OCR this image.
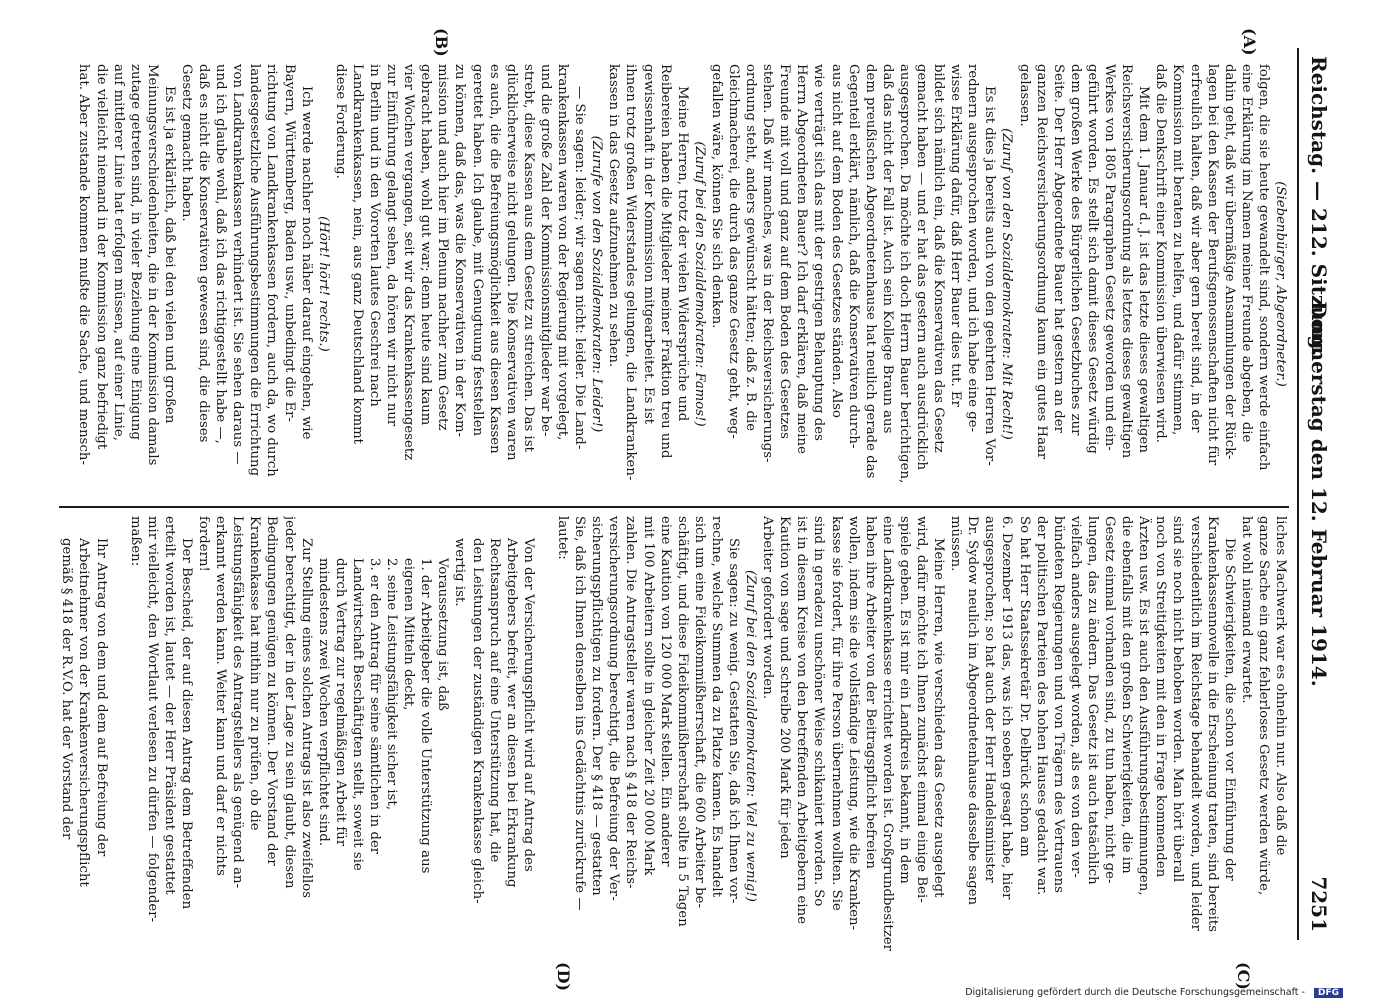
Reichstag. — 212. Sitzung.
Donnerstag den 12. Februar 1914.
7251
(A)
(B)
(C)
(D)
(Siebenbürger, Abgeordneter.)
folgen, die sie heute gewandelt sind, sondern werde einfach
eine Erklärung im Namen meiner Freunde abgeben, die
dahin geht, daß wir übermäßige Ansammlungen der Rück-
lagen bei den Kassen der Berufsgenossenschaften nicht für
erfreulich halten, daß wir aber gern bereit sind, in der
Kommission mit beraten zu helfen, und dafür stimmen,
daß die Denkschrift einer Kommission überwiesen wird.
Mit dem 1. Januar d. J. ist das letzte dieses gewaltigen
Reichsversicherungsordnung als letztes dieses gewaltigen
Werkes von 1805 Paragraphen Gesetz geworden und ein-
geführt worden. Es stellt sich damit dieses Gesetz würdig
dem großen Werke des Bürgerlichen Gesetzbuches zur
Seite. Der Herr Abgeordnete Bauer hat gestern an der
ganzen Reichsversicherungsordnung kaum ein gutes Haar
gelassen.
(Zuruf von den Sozialdemokraten: Mit Recht!)
Es ist dies ja bereits auch von den geehrten Herren Vor-
rednern ausgesprochen worden, und ich habe eine ge-
wisse Erklärung dafür, daß Herr Bauer dies tut. Er
bildet sich nämlich ein, daß die Konservativen das Gesetz
gemacht haben — und er hat das gestern auch ausdrücklich
ausgesprochen. Da möchte ich doch Herrn Bauer berichtigen,
daß das nicht der Fall ist. Auch sein Kollege Braun aus
dem preußischen Abgeordnetenhause hat neulich gerade das
Gegenteil erklärt, nämlich, daß die Konservativen durch-
aus nicht auf dem Boden des Gesetzes ständen. Also
wie verträgt sich das mit der gestrigen Behauptung des
Herrn Abgeordneten Bauer? Ich darf erklären, daß meine
Freunde mit voll und ganz auf dem Boden des Gesetzes
stehen. Daß wir manches, was in der Reichsversicherungs-
ordnung steht, anders gewünscht hätten; daß z. B. die
Gleichmacherei, die durch das ganze Gesetz geht, weg-
gefallen wäre, können Sie sich denken.
(Zuruf bei den Sozialdemokraten: Famos!)
Meine Herren, trotz der vielen Widersprüche und
Reibereien haben die Mitglieder meiner Fraktion treu und
gewissenhaft in der Kommission mitgearbeitet. Es ist
ihnen trotz großen Widerstandes gelungen, die Landkranken-
kassen in das Gesetz aufzunehmen zu sehen.
(Zurufe von den Sozialdemokraten: Leider!)
— Sie sagen: leider; wir sagen nicht: leider. Die Land-
krankenkassen waren von der Regierung mit vorgelegt,
und die große Zahl der Kommissionsmitglieder war be-
strebt, diese Kassen aus dem Gesetz zu streichen. Das ist
glücklicherweise nicht gelungen. Die Konservativen waren
es auch, die die Befreiungsmöglichkeit aus diesen Kassen
gerettet haben. Ich glaube, mit Genugtuung feststellen
zu können, daß das, was die Konservativen in der Kom-
mission und auch hier im Plenum nachher zum Gesetz
gebracht haben, wohl gut war; denn heute sind kaum
vier Wochen vergangen, seit wir das Krankenkassengesetz
zur Einführung gelangt sehen, da hören wir nicht nur
in Berlin und in den Vororten lautes Geschrei nach
Landkrankenkassen, nein, aus ganz Deutschland kommt
diese Forderung.
(Hört! hört! rechts.)
Ich werde nachher noch näher darauf eingehen, wie
Bayern, Württemberg, Baden usw., unbedingt die Er-
richtung von Landkrankenkassen fordern, auch da, wo durch
landesgesetzliche Ausführungsbestimmungen die Errichtung
von Landkrankenkassen verhindert ist. Sie sehen daraus —
und ich glaube wohl, daß ich das richtiggestellt habe —,
daß es nicht die Konservativen gewesen sind, die dieses
Gesetz gemacht haben.
Es ist ja erklärlich, daß bei den vielen und großen
Meinungsverschiedenheiten, die in der Kommission damals
zutage getreten sind, in vieler Beziehung eine Einigung
auf mittlerer Linie hat erfolgen müssen, auf einer Linie,
die vielleicht niemand in der Kommission ganz befriedigt
hat. Aber zustande kommen mußte die Sache, und mensch-
liches Machwerk war es ohnehin nur. Also daß die
ganze Sache ein ganz fehlerloses Gesetz werden würde,
hat wohl niemand erwartet.
Die Schwierigkeiten, die schon vor Einführung der
Krankenkassennovelle in die Erscheinung traten, sind bereits
verschiedentlich im Reichstage behandelt worden, und leider
sind sie noch nicht behoben worden. Man hört überall
noch von Streitigkeiten mit den in Frage kommenden
Ärzten usw. Es ist auch den Ausführungsbestimmungen,
die ebenfalls mit den großen Schwierigkeiten, die im
Gesetz einmal vorhanden sind, zu tun haben, nicht ge-
lungen, das zu ändern. Das Gesetz ist auch tatsächlich
vielfach anders ausgelegt worden, als es von den ver-
bündeten Regierungen und von Trägern des Vertrauens
der politischen Parteien des hohen Hauses gedacht war.
So hat Herr Staatssekretär Dr. Delbrück schon am
6. Dezember 1913 das, was ich soeben gesagt habe, hier
ausgesprochen; so hat auch der Herr Handelsminister
Dr. Sydow neulich im Abgeordnetenhause dasselbe sagen
müssen.
Meine Herren, wie verschieden das Gesetz ausgelegt
wird, dafür möchte ich Ihnen zunächst einmal einige Bei-
spiele geben. Es ist mir ein Landkreis bekannt, in dem
eine Landkrankenkasse errichtet worden ist. Großgrundbesitzer
haben ihre Arbeiter von der Beitragspflicht befreien
wollen, indem sie die vollständige Leistung, wie die Kranken-
kasse sie fordert, für ihre Person übernehmen wollten. Sie
sind in geradezu unschöner Weise schikaniert worden. So
ist in diesem Kreise von den betreffenden Arbeitgebern eine
Kaution von sage und schreibe 200 Mark für jeden
Arbeiter gefordert worden.
(Zuruf bei den Sozialdemokraten: Viel zu wenig!)
Sie sagen: zu wenig. Gestatten Sie, daß ich Ihnen vor-
rechne, welche Summen da zu Platze kamen. Es handelt
sich um eine Fideikommißherrschaft, die 600 Arbeiter be-
schäftigt, und diese Fideikommißherrschaft sollte in 5 Tagen
eine Kaution von 120 000 Mark stellen. Ein anderer
mit 100 Arbeitern sollte in gleicher Zeit 20 000 Mark
zahlen. Die Antragsteller waren nach § 418 der Reichs-
versicherungsordnung berechtigt, die Befreiung der Ver-
sicherungspflichtigen zu fordern. Der § 418 — gestatten
Sie, daß ich Ihnen denselben ins Gedächtnis zurückrufe —
lautet:
Von der Versicherungspflicht wird auf Antrag des
Arbeitgebers befreit, wer an diesen bei Erkrankung
Rechtsanspruch auf eine Unterstützung hat, die
den Leistungen der zuständigen Krankenkasse gleich-
wertig ist.
Voraussetzung ist, daß
1. der Arbeitgeber die volle Unterstützung aus
eigenen Mitteln deckt,
2. seine Leistungsfähigkeit sicher ist,
3. er den Antrag für seine sämtlichen in der
Landwirtschaft Beschäftigten stellt, soweit sie
durch Vertrag zur regelmäßigen Arbeit für
mindestens zwei Wochen verpflichtet sind.
Zur Stellung eines solchen Antrags ist also zweifellos
jeder berechtigt, der in der Lage zu sein glaubt, diesen
Bedingungen genügen zu können. Der Vorstand der
Krankenkasse hat mithin nur zu prüfen, ob die
Leistungsfähigkeit des Antragstellers als genügend an-
erkannt werden kann. Weiter kann und darf er nichts
fordern!
Der Bescheid, der auf diesen Antrag dem Betreffenden
erteilt worden ist, lautet — der Herr Präsident gestattet
mir vielleicht, den Wortlaut verlesen zu dürfen — folgender-
maßen:
Ihr Antrag von dem und dem auf Befreiung der
Arbeitnehmer von der Krankenversicherungspflicht
gemäß § 418 der R.V.O. hat der Vorstand der
Digitalisierung gefördert durch die Deutsche Forschungsgemeinschaft - DFG
